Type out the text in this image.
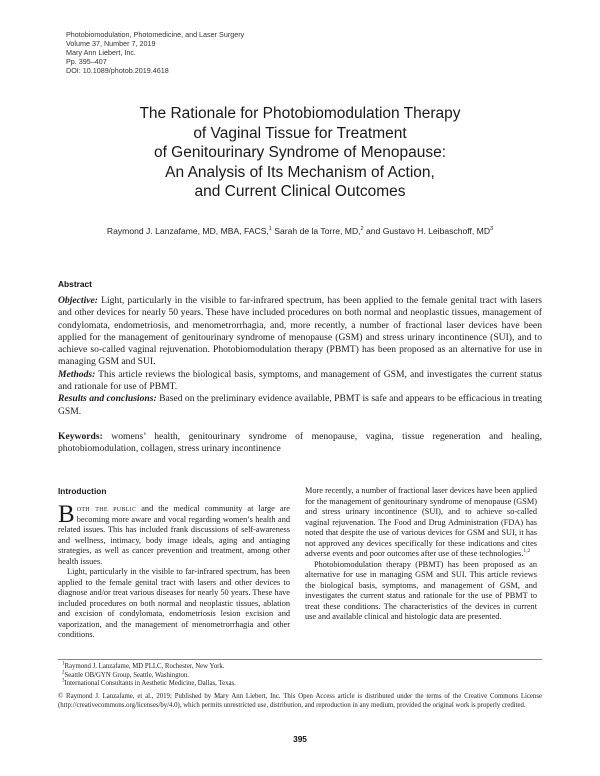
Photobiomodulation, Photomedicine, and Laser Surgery
Volume 37, Number 7, 2019
Mary Ann Liebert, Inc.
Pp. 395–407
DOI: 10.1089/photob.2019.4618
The Rationale for Photobiomodulation Therapy
of Vaginal Tissue for Treatment
of Genitourinary Syndrome of Menopause:
An Analysis of Its Mechanism of Action,
and Current Clinical Outcomes
Raymond J. Lanzafame, MD, MBA, FACS,$^1$ Sarah de la Torre, MD,$^2$ and Gustavo H. Leibaschoff, $MD^3$
Abstract

Objective: Light, particularly in the visible to far-infrared spectrum, has been applied to the female genital tract with lasers and other devices for nearly 50 years. These have included procedures on both normal and neoplastic tissues, management of condylomata, endometriosis, and menometrorrhagia, and, more recently, a number of fractional laser devices have been applied for the management of genitourinary syndrome of menopause (GSM) and stress urinary incontinence (SUI), and to achieve so-called vaginal rejuvenation. Photobiomodulation therapy (PBMT) has been proposed as an alternative for use in managing GSM and SUI.

Methods: This article reviews the biological basis, symptoms, and management of GSM, and investigates the current status and rationale for use of PBMT.

Results and conclusions: Based on the preliminary evidence available, PBMT is safe and appears to be efficacious in treating GSM.

Keywords: womens’ health, genitourinary syndrome of menopause, vagina, tissue regeneration and healing, photobiomodulation, collagen, stress urinary incontinence
Introduction

Both the public and the medical community at large are becoming more aware and vocal regarding women’s health and related issues. This has included frank discussions of self-awareness and wellness, intimacy, body image ideals, aging and antiaging strategies, as well as cancer prevention and treatment, among other health issues.

Light, particularly in the visible to far-infrared spectrum, has been applied to the female genital tract with lasers and other devices to diagnose and/or treat various diseases for nearly 50 years. These have included procedures on both normal and neoplastic tissues, ablation and excision of condylomata, endometriosis lesion excision and vaporization, and the management of menometrorrhagia and other conditions.

More recently, a number of fractional laser devices have been applied for the management of genitourinary syndrome of menopause (GSM) and stress urinary incontinence (SUI), and to achieve so-called vaginal rejuvenation. The Food and Drug Administration (FDA) has noted that despite the use of various devices for GSM and SUI, it has not approved any devices specifically for these indications and cites adverse events and poor outcomes after use of these technologies.$^{1,2}$

Photobiomodulation therapy (PBMT) has been proposed as an alternative for use in managing GSM and SUI. This article reviews the biological basis, symptoms, and management of GSM, and investigates the current status and rationale for the use of PBMT to treat these conditions. The characteristics of the devices in current use and available clinical and histologic data are presented.

$^1$Raymond J. Lanzafame, MD PLLC, Rochester, New York.
$^2$Seattle OB/GYN Group, Seattle, Washington.
$^3$International Consultants in Aesthetic Medicine, Dallas, Texas.
© Raymond J. Lanzafame, et al., 2019; Published by Mary Ann Liebert, Inc. This Open Access article is distributed under the terms of the Creative Commons License (http://creativecommons.org/licenses/by/4.0), which permits unrestricted use, distribution, and reproduction in any medium, provided the original work is properly credited.
395
